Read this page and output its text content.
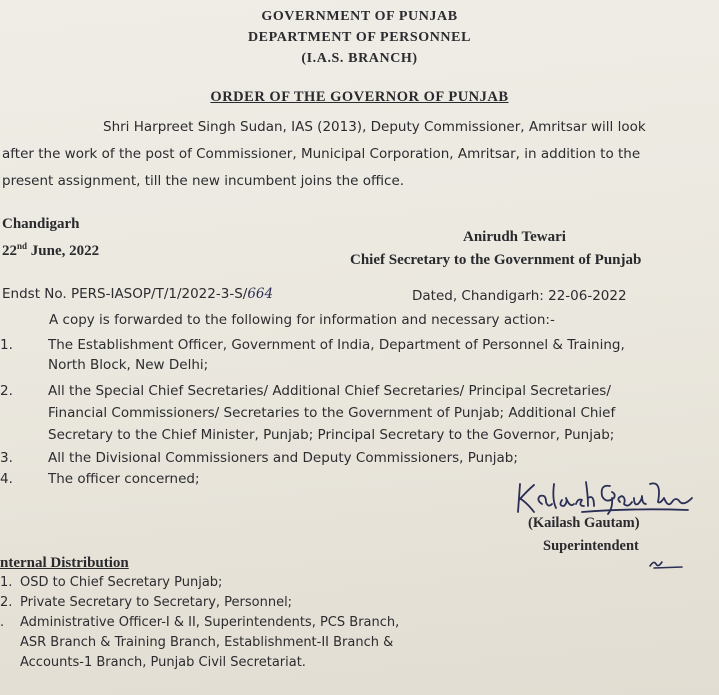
GOVERNMENT OF PUNJAB
DEPARTMENT OF PERSONNEL
(I.A.S. BRANCH)
ORDER OF THE GOVERNOR OF PUNJAB
Shri Harpreet Singh Sudan, IAS (2013), Deputy Commissioner, Amritsar will look
after the work of the post of Commissioner, Municipal Corporation, Amritsar, in addition to the
present assignment, till the new incumbent joins the office.
Chandigarh
22nd June, 2022
Anirudh Tewari
Chief Secretary to the Government of Punjab
Endst No. PERS-IASOP/T/1/2022-3-S/664	Dated, Chandigarh: 22-06-2022
A copy is forwarded to the following for information and necessary action:-
1.	The Establishment Officer, Government of India, Department of Personnel & Training,
North Block, New Delhi;
2.	All the Special Chief Secretaries/ Additional Chief Secretaries/ Principal Secretaries/
Financial Commissioners/ Secretaries to the Government of Punjab; Additional Chief
Secretary to the Chief Minister, Punjab; Principal Secretary to the Governor, Punjab;
3.	All the Divisional Commissioners and Deputy Commissioners, Punjab;
4.	The officer concerned;
(Kailash Gautam)
Superintendent
nternal Distribution
1. OSD to Chief Secretary Punjab;
2. Private Secretary to Secretary, Personnel;
. Administrative Officer-I & II, Superintendents, PCS Branch,
ASR Branch & Training Branch, Establishment-II Branch &
Accounts-1 Branch, Punjab Civil Secretariat.
